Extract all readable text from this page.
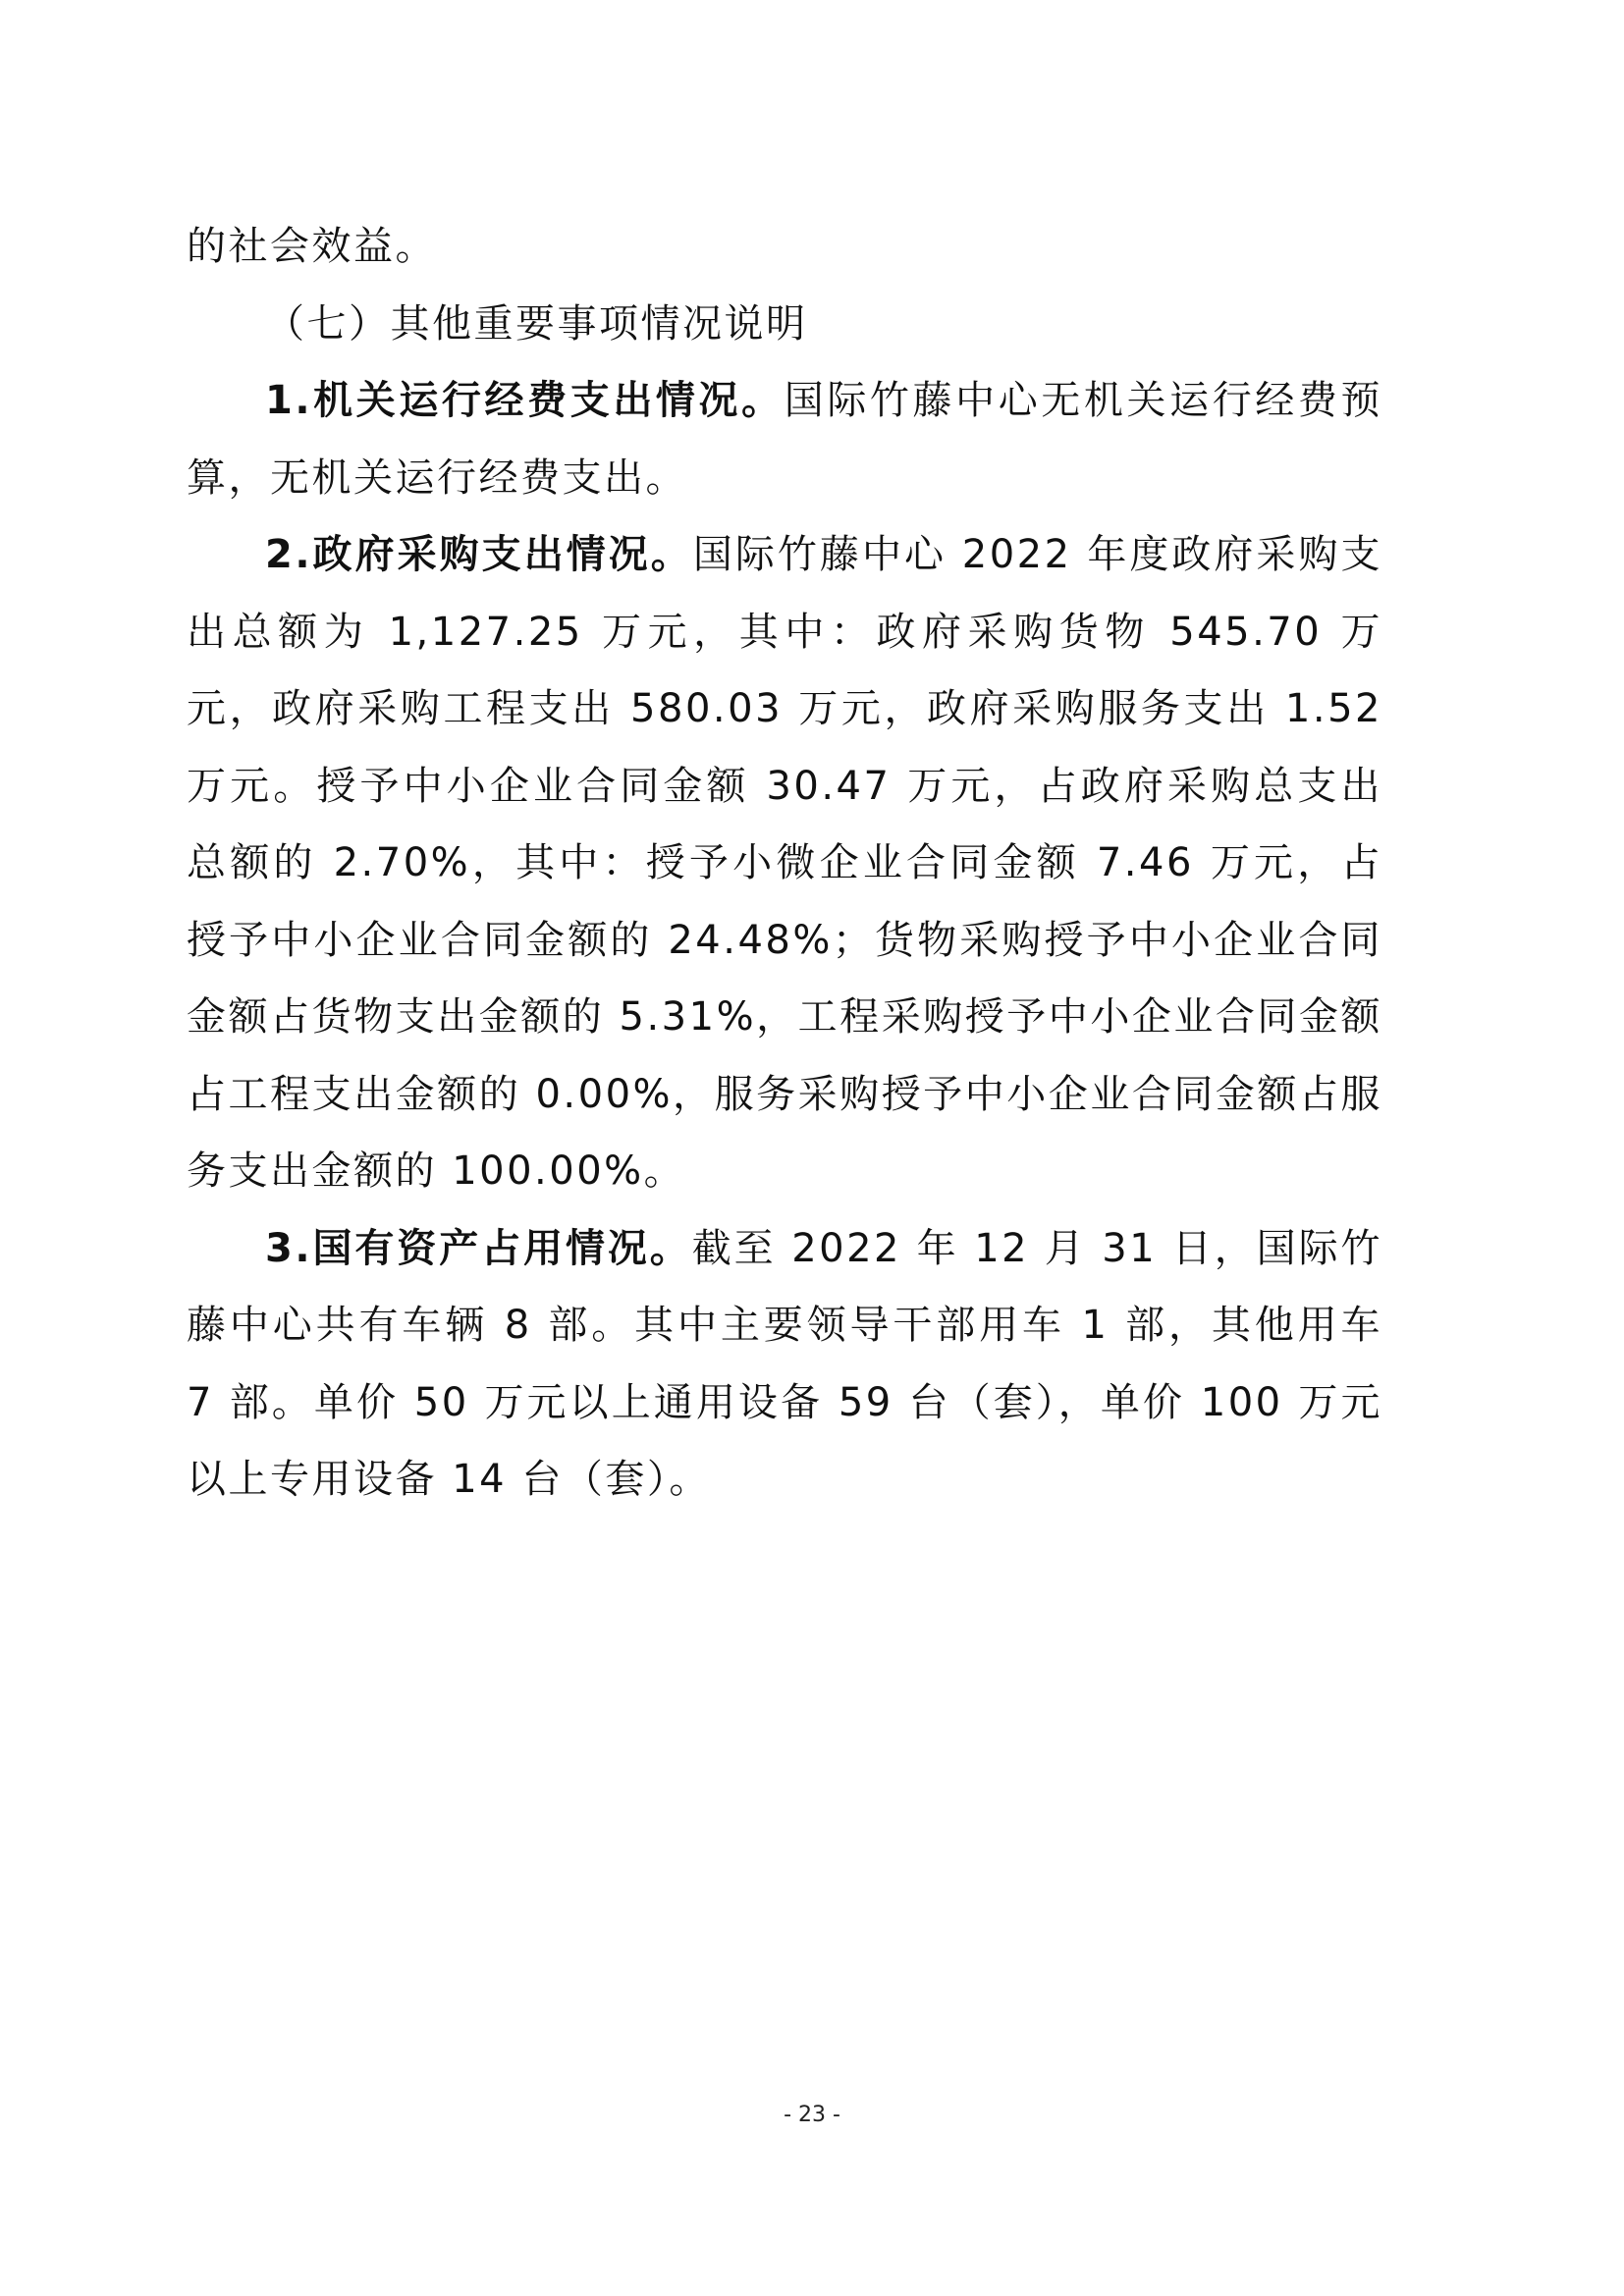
的社会效益。

（七）其他重要事项情况说明

1.机关运行经费支出情况。国际竹藤中心无机关运行经费预算，无机关运行经费支出。

2.政府采购支出情况。国际竹藤中心 2022 年度政府采购支出总额为 1,127.25 万元，其中：政府采购货物 545.70 万元，政府采购工程支出 580.03 万元，政府采购服务支出 1.52 万元。授予中小企业合同金额 30.47 万元，占政府采购总支出总额的 2.70%，其中：授予小微企业合同金额 7.46 万元，占授予中小企业合同金额的 24.48%；货物采购授予中小企业合同金额占货物支出金额的 5.31%，工程采购授予中小企业合同金额占工程支出金额的 0.00%，服务采购授予中小企业合同金额占服务支出金额的 100.00%。

3.国有资产占用情况。截至 2022 年 12 月 31 日，国际竹藤中心共有车辆 8 部。其中主要领导干部用车 1 部，其他用车 7 部。单价 50 万元以上通用设备 59 台（套），单价 100 万元以上专用设备 14 台（套）。

- 23 -
